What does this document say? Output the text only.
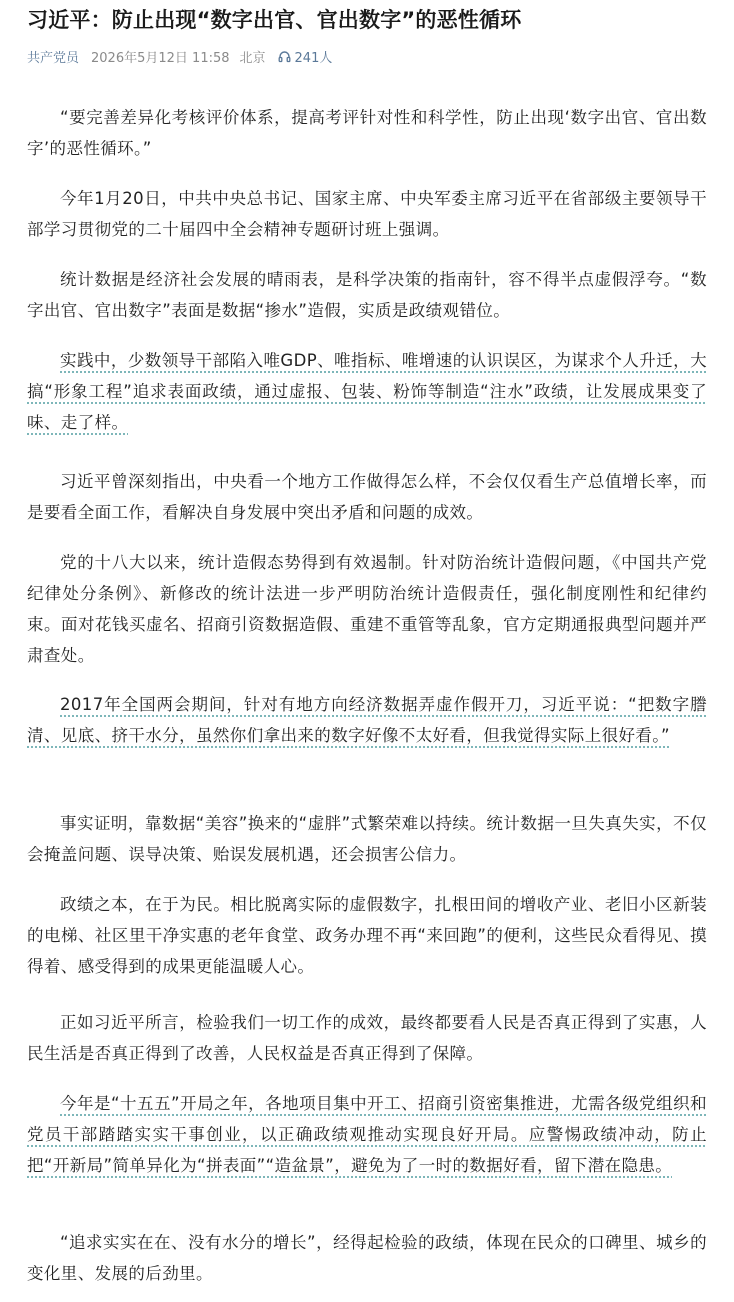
习近平：防止出现“数字出官、官出数字”的恶性循环
共产党员 2026年5月12日 11:58 北京 241人

“要完善差异化考核评价体系，提高考评针对性和科学性，防止出现‘数字出官、官出数字’的恶性循环。”

今年1月20日，中共中央总书记、国家主席、中央军委主席习近平在省部级主要领导干部学习贯彻党的二十届四中全会精神专题研讨班上强调。

统计数据是经济社会发展的晴雨表，是科学决策的指南针，容不得半点虚假浮夸。“数字出官、官出数字”表面是数据“掺水”造假，实质是政绩观错位。

实践中，少数领导干部陷入唯GDP、唯指标、唯增速的认识误区，为谋求个人升迁，大搞“形象工程”追求表面政绩，通过虚报、包装、粉饰等制造“注水”政绩，让发展成果变了味、走了样。

习近平曾深刻指出，中央看一个地方工作做得怎么样，不会仅仅看生产总值增长率，而是要看全面工作，看解决自身发展中突出矛盾和问题的成效。

党的十八大以来，统计造假态势得到有效遏制。针对防治统计造假问题，《中国共产党纪律处分条例》、新修改的统计法进一步严明防治统计造假责任，强化制度刚性和纪律约束。面对花钱买虚名、招商引资数据造假、重建不重管等乱象，官方定期通报典型问题并严肃查处。

2017年全国两会期间，针对有地方向经济数据弄虚作假开刀，习近平说：“把数字謄清、见底、挤干水分，虽然你们拿出来的数字好像不太好看，但我觉得实际上很好看。”

事实证明，靠数据“美容”换来的“虚胖”式繁荣难以持续。统计数据一旦失真失实，不仅会掩盖问题、误导决策、贻误发展机遇，还会损害公信力。

政绩之本，在于为民。相比脱离实际的虚假数字，扎根田间的增收产业、老旧小区新装的电梯、社区里干净实惠的老年食堂、政务办理不再“来回跑”的便利，这些民众看得见、摸得着、感受得到的成果更能温暖人心。

正如习近平所言，检验我们一切工作的成效，最终都要看人民是否真正得到了实惠，人民生活是否真正得到了改善，人民权益是否真正得到了保障。

今年是“十五五”开局之年，各地项目集中开工、招商引资密集推进，尤需各级党组织和党员干部踏踏实实干事创业，以正确政绩观推动实现良好开局。应警惕政绩冲动，防止把“开新局”简单异化为“拼表面”“造盆景”，避免为了一时的数据好看，留下潜在隐患。

“追求实实在在、没有水分的增长”，经得起检验的政绩，体现在民众的口碑里、城乡的变化里、发展的后劲里。
